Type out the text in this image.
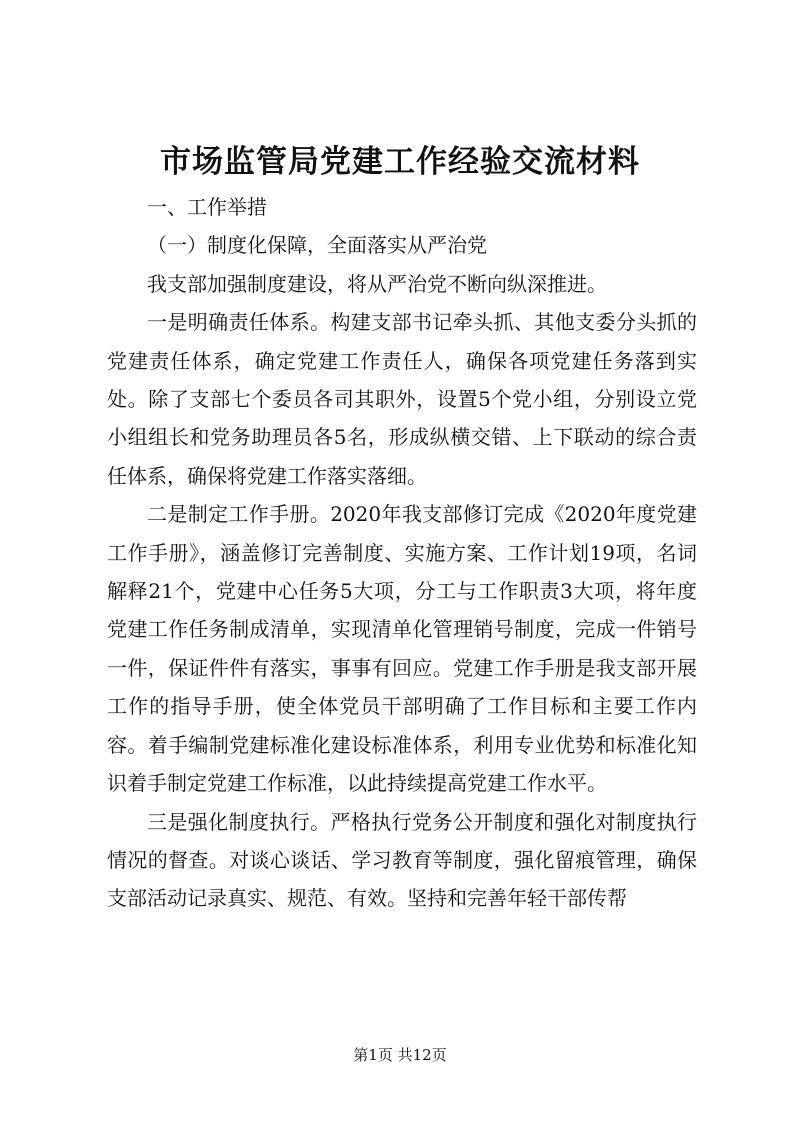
市场监管局党建工作经验交流材料

一、工作举措

（一）制度化保障，全面落实从严治党

我支部加强制度建设，将从严治党不断向纵深推进。

一是明确责任体系。构建支部书记牵头抓、其他支委分头抓的党建责任体系，确定党建工作责任人，确保各项党建任务落到实处。除了支部七个委员各司其职外，设置5个党小组，分别设立党小组组长和党务助理员各5名，形成纵横交错、上下联动的综合责任体系，确保将党建工作落实落细。

二是制定工作手册。2020年我支部修订完成《2020年度党建工作手册》，涵盖修订完善制度、实施方案、工作计划19项，名词解释21个，党建中心任务5大项，分工与工作职责3大项，将年度党建工作任务制成清单，实现清单化管理销号制度，完成一件销号一件，保证件件有落实，事事有回应。党建工作手册是我支部开展工作的指导手册，使全体党员干部明确了工作目标和主要工作内容。着手编制党建标准化建设标准体系，利用专业优势和标准化知识着手制定党建工作标准，以此持续提高党建工作水平。

三是强化制度执行。严格执行党务公开制度和强化对制度执行情况的督查。对谈心谈话、学习教育等制度，强化留痕管理，确保支部活动记录真实、规范、有效。坚持和完善年轻干部传帮

第1页 共12页
